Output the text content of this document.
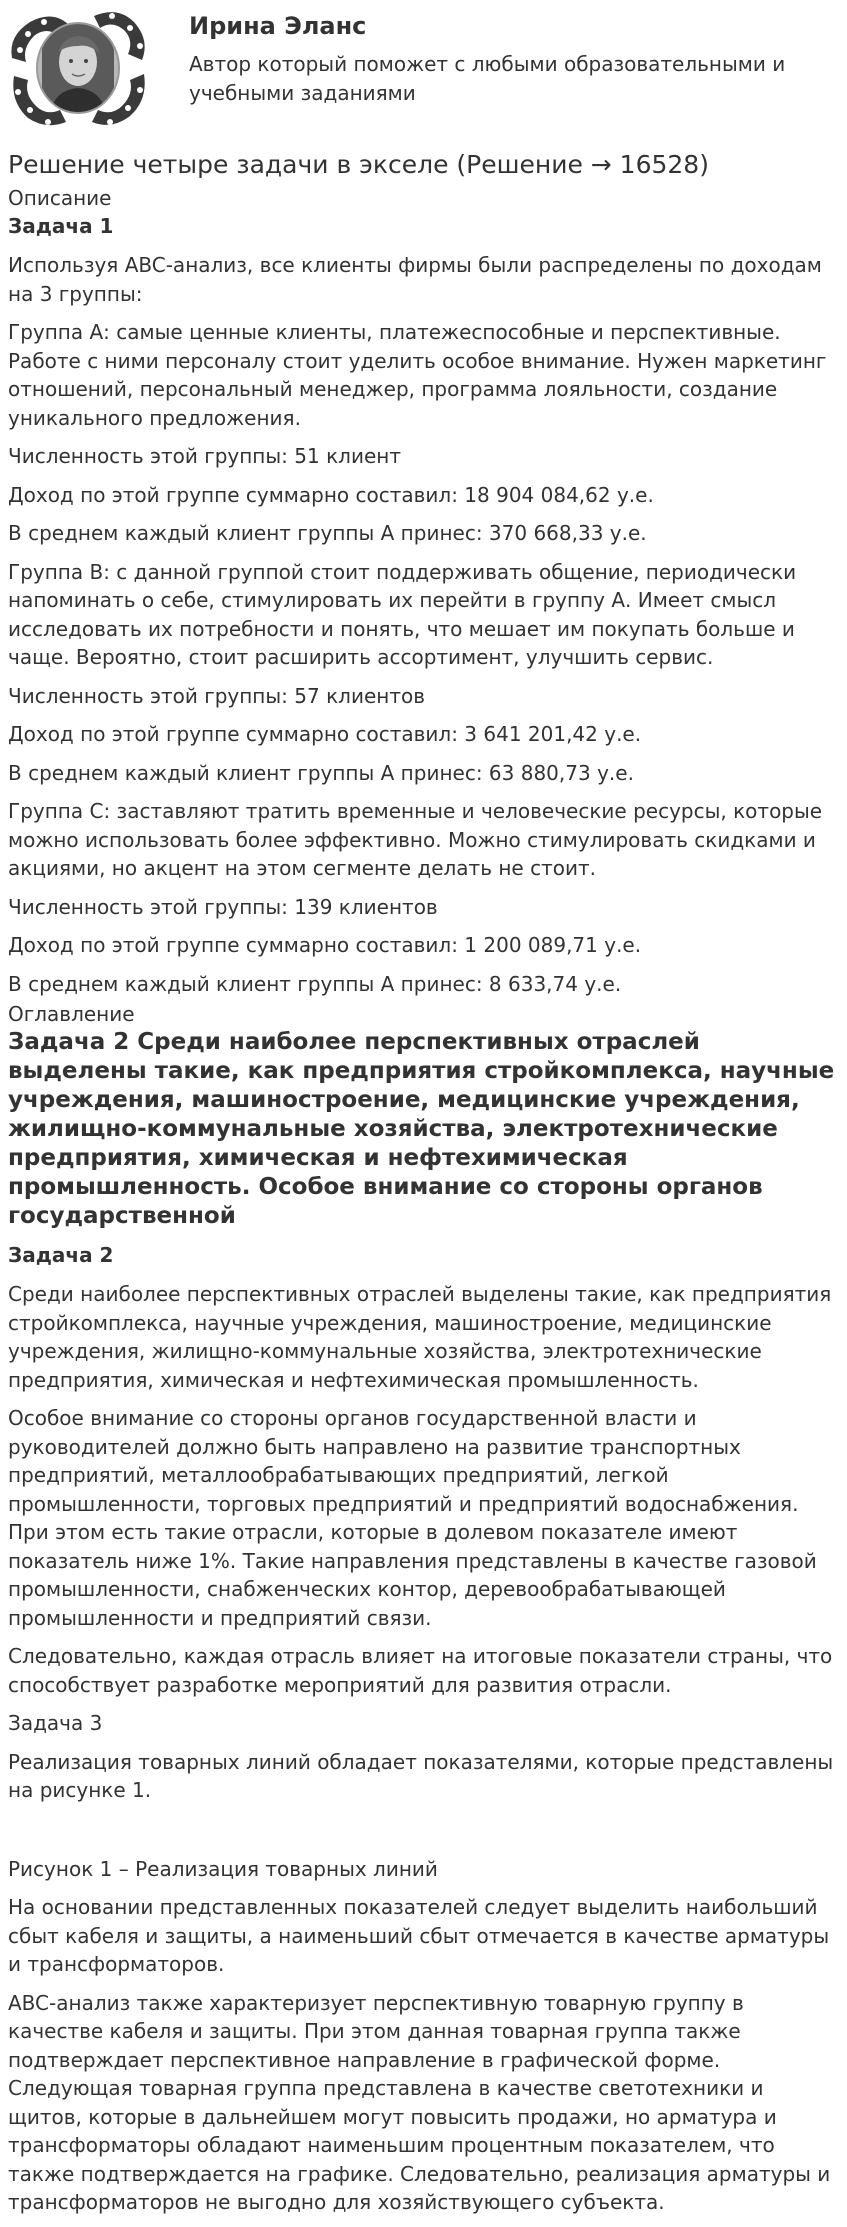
Ирина Эланс
Автор который поможет с любыми образовательными и учебными заданиями
Решение четыре задачи в экселе (Решение → 16528)
Описание
Задача 1

Используя ABC-анализ, все клиенты фирмы были распределены по доходам на 3 группы:

Группа А: самые ценные клиенты, платежеспособные и перспективные. Работе с ними персоналу стоит уделить особое внимание. Нужен маркетинг отношений, персональный менеджер, программа лояльности, создание уникального предложения.

Численность этой группы: 51 клиент

Доход по этой группе суммарно составил: 18 904 084,62 у.е.

В среднем каждый клиент группы А принес: 370 668,33 у.е.

Группа В: с данной группой стоит поддерживать общение, периодически напоминать о себе, стимулировать их перейти в группу А. Имеет смысл исследовать их потребности и понять, что мешает им покупать больше и чаще. Вероятно, стоит расширить ассортимент, улучшить сервис.

Численность этой группы: 57 клиентов

Доход по этой группе суммарно составил: 3 641 201,42 у.е.

В среднем каждый клиент группы А принес: 63 880,73 у.е.

Группа С: заставляют тратить временные и человеческие ресурсы, которые можно использовать более эффективно. Можно стимулировать скидками и акциями, но акцент на этом сегменте делать не стоит.

Численность этой группы: 139 клиентов

Доход по этой группе суммарно составил: 1 200 089,71 у.е.

В среднем каждый клиент группы А принес: 8 633,74 у.е.

Оглавление
Задача 2 Среди наиболее перспективных отраслей выделены такие, как предприятия стройкомплекса, научные учреждения, машиностроение, медицинские учреждения, жилищно-коммунальные хозяйства, электротехнические предприятия, химическая и нефтехимическая промышленность. Особое внимание со стороны органов государственной
Задача 2

Среди наиболее перспективных отраслей выделены такие, как предприятия стройкомплекса, научные учреждения, машиностроение, медицинские учреждения, жилищно-коммунальные хозяйства, электротехнические предприятия, химическая и нефтехимическая промышленность.

Особое внимание со стороны органов государственной власти и руководителей должно быть направлено на развитие транспортных предприятий, металлообрабатывающих предприятий, легкой промышленности, торговых предприятий и предприятий водоснабжения. При этом есть такие отрасли, которые в долевом показателе имеют показатель ниже 1%. Такие направления представлены в качестве газовой промышленности, снабженческих контор, деревообрабатывающей промышленности и предприятий связи.

Следовательно, каждая отрасль влияет на итоговые показатели страны, что способствует разработке мероприятий для развития отрасли.

Задача 3

Реализация товарных линий обладает показателями, которые представлены на рисунке 1.

Рисунок 1 – Реализация товарных линий

На основании представленных показателей следует выделить наибольший сбыт кабеля и защиты, а наименьший сбыт отмечается в качестве арматуры и трансформаторов.

ABC-анализ также характеризует перспективную товарную группу в качестве кабеля и защиты. При этом данная товарная группа также подтверждает перспективное направление в графической форме. Следующая товарная группа представлена в качестве светотехники и щитов, которые в дальнейшем могут повысить продажи, но арматура и трансформаторы обладают наименьшим процентным показателем, что также подтверждается на графике. Следовательно, реализация арматуры и трансформаторов не выгодно для хозяйствующего субъекта.
